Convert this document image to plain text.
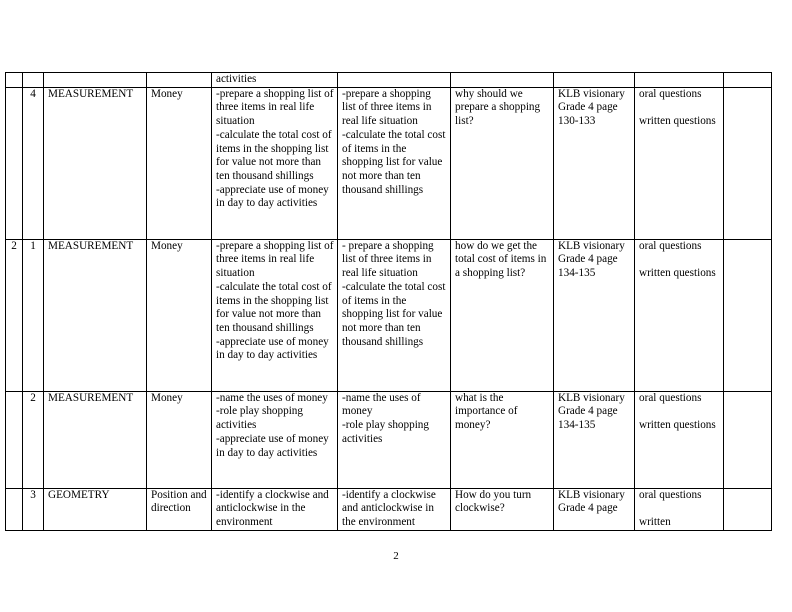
				activities					
	4	MEASUREMENT	Money	-prepare a shopping list of three items in real life situation
-calculate the total cost of items in the shopping list for value not more than ten thousand shillings
-appreciate use of money in day to day activities	-prepare a shopping list of three items in real life situation
-calculate the total cost of items in the shopping list for value not more than ten thousand shillings	why should we prepare a shopping list?	KLB visionary Grade 4 page 130-133	oral questions

written questions	
2	1	MEASUREMENT	Money	-prepare a shopping list of three items in real life situation
-calculate the total cost of items in the shopping list for value not more than ten thousand shillings
-appreciate use of money in day to day activities	- prepare a shopping list of three items in real life situation
-calculate the total cost of items in the shopping list for value not more than ten thousand shillings	how do we get the total cost of items in a shopping list?	KLB visionary Grade 4 page 134-135	oral questions

written questions	
	2	MEASUREMENT	Money	-name the uses of money
-role play shopping activities
-appreciate use of money in day to day activities	-name the uses of money
-role play shopping activities	what is the importance of money?	KLB visionary Grade 4 page 134-135	oral questions

written questions	
	3	GEOMETRY	Position and direction	-identify a clockwise and anticlockwise in the environment	-identify a clockwise and anticlockwise in the environment	How do you turn clockwise?	KLB visionary Grade 4 page	oral questions

written	
2
